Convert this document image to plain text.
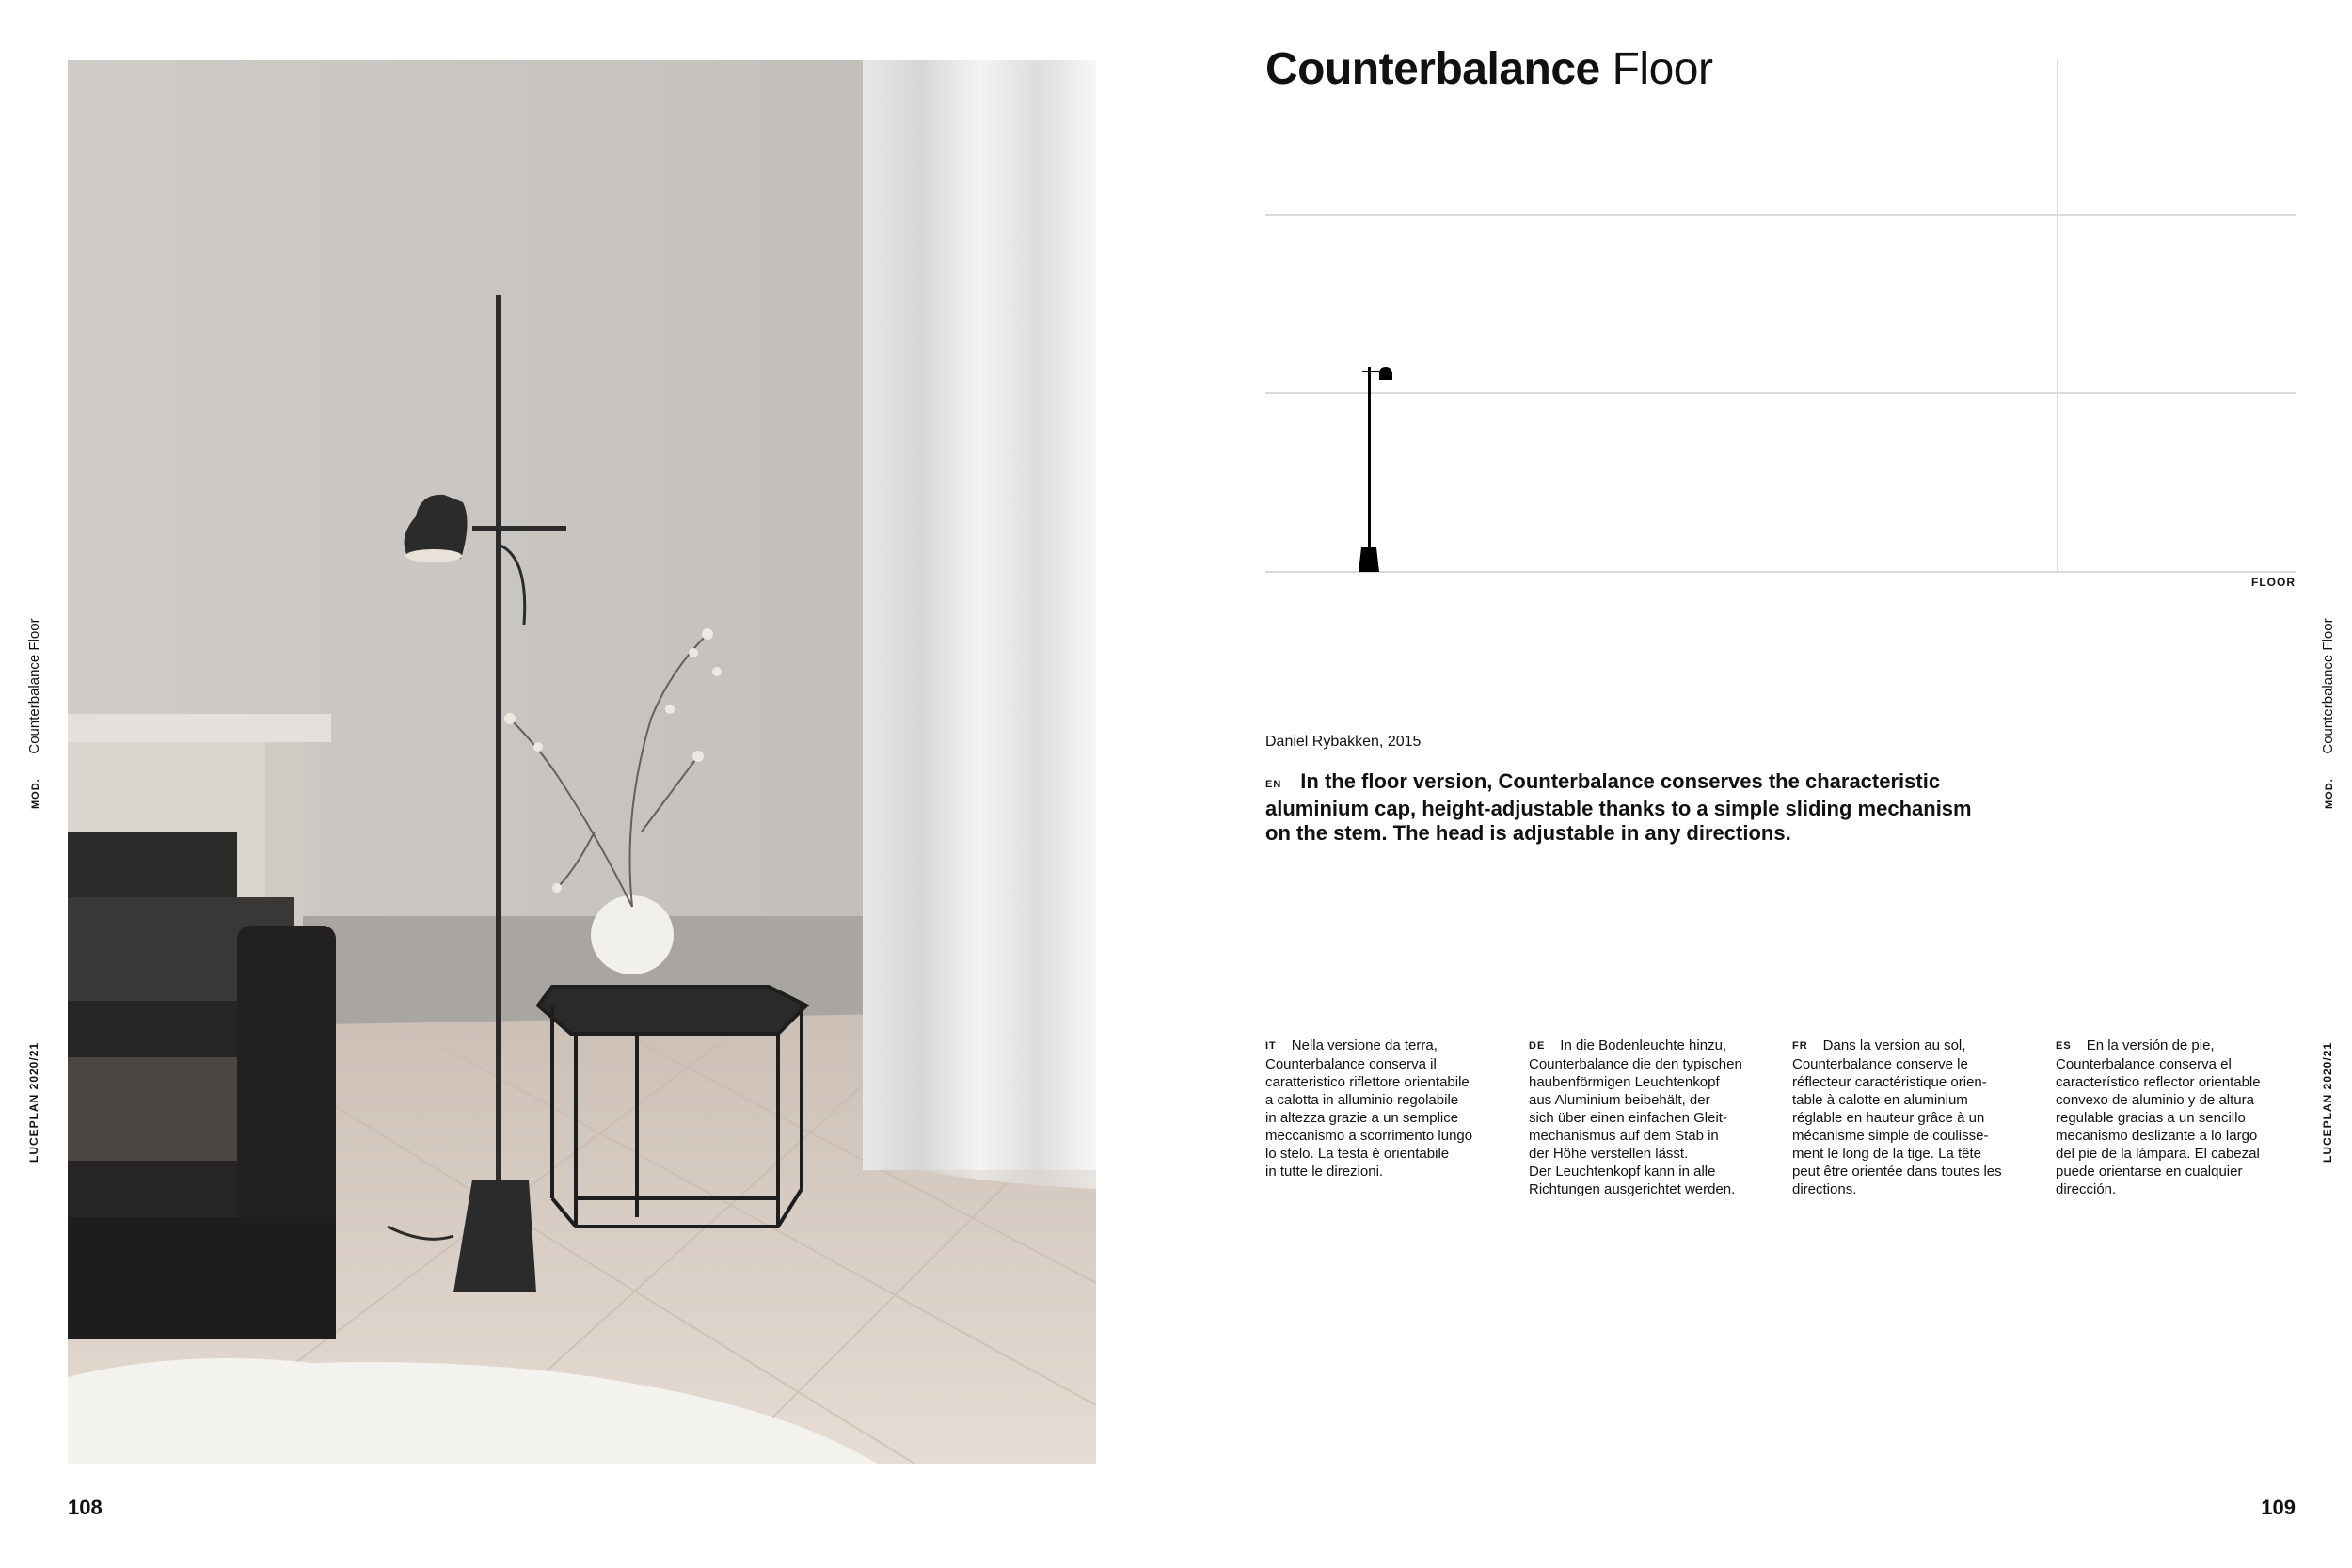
MOD. Counterbalance Floor
LUCEPLAN 2020/21
MOD. Counterbalance Floor
LUCEPLAN 2020/21
108	109
Counterbalance Floor
FLOOR
Daniel Rybakken, 2015
EN In the floor version, Counterbalance conserves the characteristic aluminium cap, height-adjustable thanks to a simple sliding mechanism on the stem. The head is adjustable in any directions.
IT Nella versione da terra,
Counterbalance conserva il
caratteristico riflettore orientabile
a calotta in alluminio regolabile
in altezza grazie a un semplice
meccanismo a scorrimento lungo
lo stelo. La testa è orientabile
in tutte le direzioni.
DE In die Bodenleuchte hinzu,
Counterbalance die den typischen
haubenförmigen Leuchtenkopf
aus Aluminium beibehält, der
sich über einen einfachen Gleit-
mechanismus auf dem Stab in
der Höhe verstellen lässt.
Der Leuchtenkopf kann in alle
Richtungen ausgerichtet werden.
FR Dans la version au sol,
Counterbalance conserve le
réflecteur caractéristique orien-
table à calotte en aluminium
réglable en hauteur grâce à un
mécanisme simple de coulisse-
ment le long de la tige. La tête
peut être orientée dans toutes les
directions.
ES En la versión de pie,
Counterbalance conserva el
característico reflector orientable
convexo de aluminio y de altura
regulable gracias a un sencillo
mecanismo deslizante a lo largo
del pie de la lámpara. El cabezal
puede orientarse en cualquier
dirección.
